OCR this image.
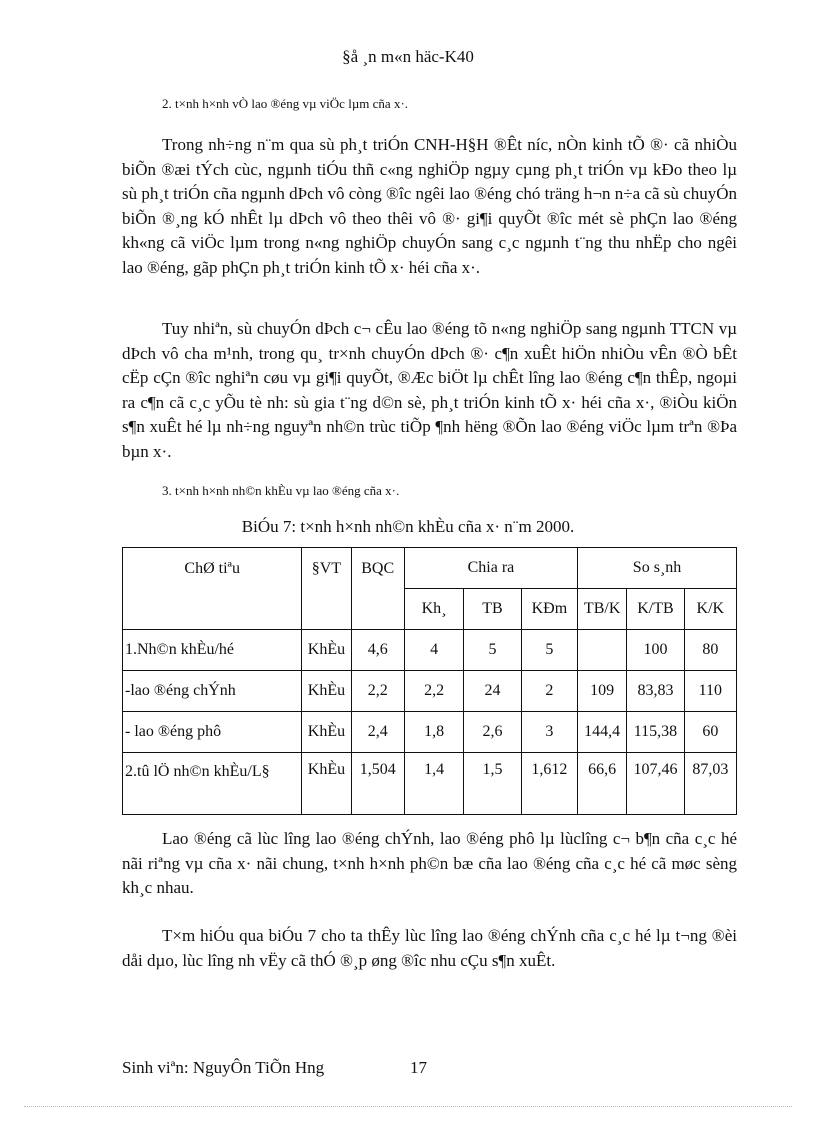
§å ¸n m«n häc-K40
2. t×nh h×nh vÒ lao ®éng vµ viÖc lµm cña x·.
Trong nh÷ng n¨m qua sù ph¸t triÓn CNH-H§H ®Êt níc, nÒn kinh tÕ ®· cã nhiÒu biÕn ®æi tÝch cùc, ngµnh tiÓu thñ c«ng nghiÖp ngµy cµng ph¸t triÓn vµ kÐo theo lµ sù ph¸t triÓn cña ngµnh dÞch vô còng ®îc ngêi lao ®éng chó träng h¬n n÷a cã sù chuyÓn biÕn ®¸ng kÓ nhÊt lµ dÞch vô theo thêi vô ®· gi¶i quyÕt ®îc mét sè phÇn lao ®éng kh«ng cã viÖc lµm trong n«ng nghiÖp chuyÓn sang c¸c ngµnh t¨ng thu nhËp cho ngêi lao ®éng, gãp phÇn ph¸t triÓn kinh tÕ x· héi cña x·.
Tuy nhiªn, sù chuyÓn dÞch c¬ cÊu lao ®éng tõ n«ng nghiÖp sang ngµnh TTCN vµ dÞch vô cha m¹nh, trong qu¸ tr×nh chuyÓn dÞch ®· c¶n xuÊt hiÖn nhiÒu vÊn ®Ò bÊt cËp cÇn ®îc nghiªn cøu vµ gi¶i quyÕt, ®Æc biÖt lµ chÊt lîng lao ®éng c¶n thÊp, ngoµi ra c¶n cã c¸c yÕu tè nh: sù gia t¨ng d©n sè, ph¸t triÓn kinh tÕ x· héi cña x·, ®iÒu kiÖn s¶n xuÊt hé lµ nh÷ng nguyªn nh©n trùc tiÕp ¶nh hëng ®Õn lao ®éng viÖc lµm trªn ®Þa bµn x·.
3. t×nh h×nh nh©n khÈu vµ lao ®éng cña x·.
BiÓu 7: t×nh h×nh nh©n khÈu cña x· n¨m 2000.
ChØ tiªu	§VT	BQC	Chia ra			So s¸nh		
			Kh¸	TB	KÐm	TB/K	K/TB	K/K
1.Nh©n khÈu/hé	KhÈu	4,6	4	5	5		100	80
-lao ®éng chÝnh	KhÈu	2,2	2,2	24	2	109	83,83	110
- lao ®éng phô	KhÈu	2,4	1,8	2,6	3	144,4	115,38	60
2.tû lÖ nh©n khÈu/L§	KhÈu	1,504	1,4	1,5	1,612	66,6	107,46	87,03
Lao ®éng cã lùc lîng lao ®éng chÝnh, lao ®éng phô lµ lùclîng c¬ b¶n cña c¸c hé nãi riªng vµ cña x· nãi chung, t×nh h×nh ph©n bæ cña lao ®éng cña c¸c hé cã møc sèng kh¸c nhau.
T×m hiÓu qua biÓu 7 cho ta thÊy lùc lîng lao ®éng chÝnh cña c¸c hé lµ t¬ng ®èi dåi dµo, lùc lîng nh vËy cã thÓ ®¸p øng ®îc nhu cÇu s¶n xuÊt.
Sinh viªn: NguyÔn TiÕn Hng	17
